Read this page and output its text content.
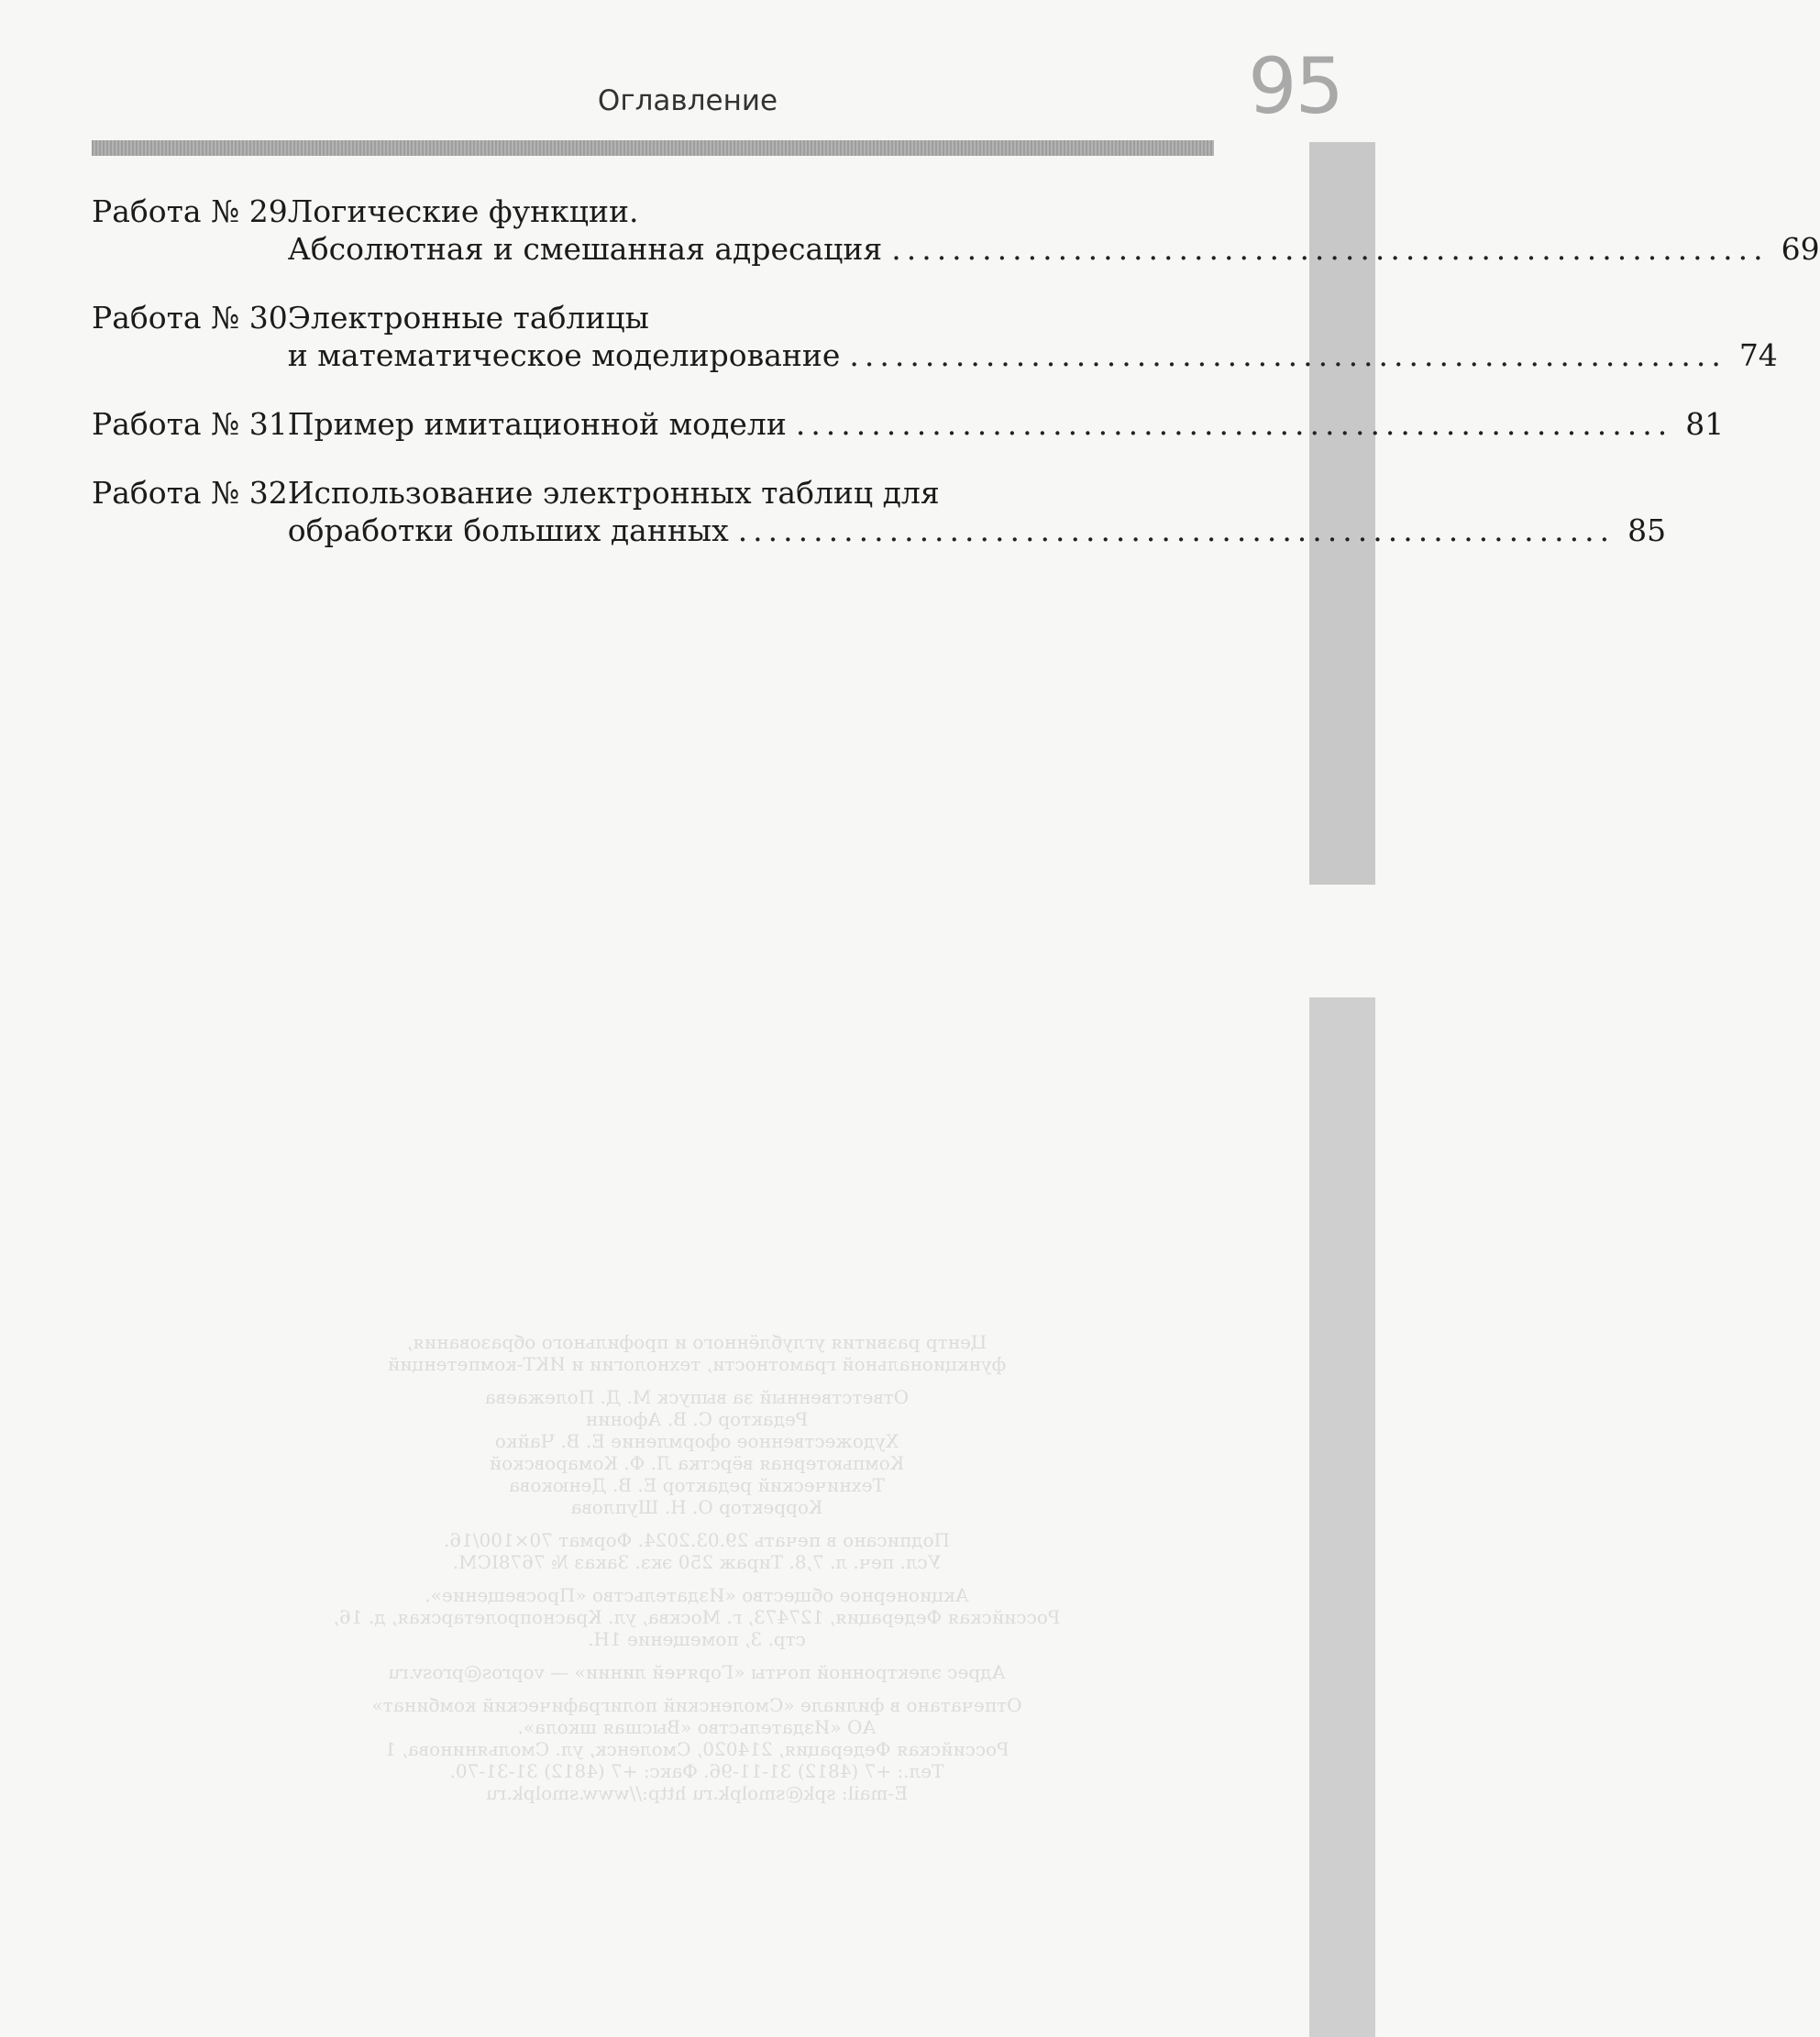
95
Оглавление
Работа № 29 Логические функции.
Абсолютная и смешанная адресация .......................................................... 69
Работа № 30 Электронные таблицы
и математическое моделирование .......................................................... 74
Работа № 31 Пример имитационной модели .......................................................... 81
Работа № 32 Использование электронных таблиц для
обработки больших данных .......................................................... 85
Центр развития углублённого и профильного образования,
функциональной грамотности, технологии и ИКТ-компетенций
Ответственный за выпуск М. Д. Полежаева
Редактор С. В. Афонин
Художественное оформление Е. В. Чайко
Компьютерная вёрстка Л. Ф. Комаровской
Технический редактор Е. В. Денюкова
Корректор О. Н. Шуплова
Подписано в печать 29.03.2024. Формат 70×100/16.
Усл. печ. л. 7,8. Тираж 250 экз. Заказ № 7678ICM.
Акционерное общество «Издательство «Просвещение».
Российская Федерация, 127473, г. Москва, ул. Краснопролетарская, д. 16,
стр. 3, помещение 1Н.
Адрес электронной почты «Горячей линии» — vopros@prosv.ru
Отпечатано в филиале «Смоленский полиграфический комбинат»
АО «Издательство «Высшая школа».
Российская Федерация, 214020, Смоленск, ул. Смольянинова, 1
Тел.: +7 (4812) 31-11-96. Факс: +7 (4812) 31-31-70.
E-mail: spk@smolpk.ru http://www.smolpk.ru
